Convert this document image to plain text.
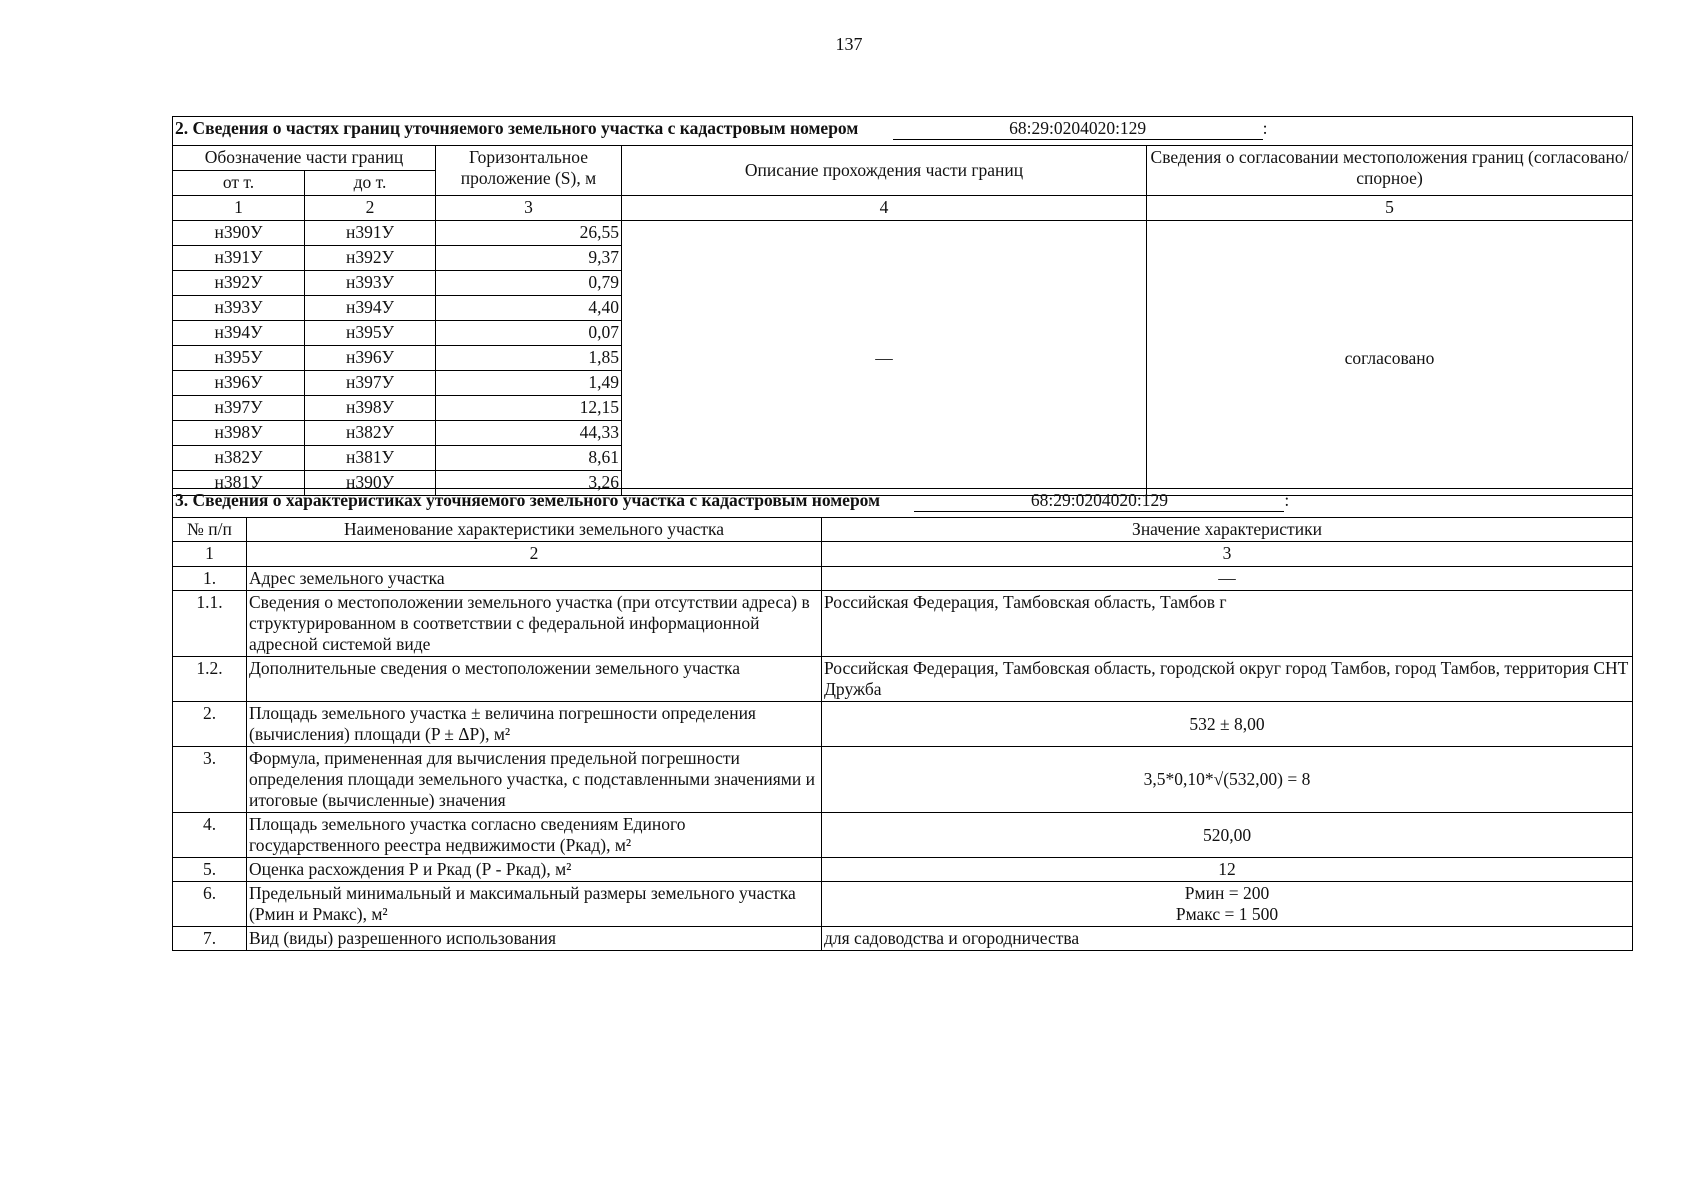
137
2. Сведения о частях границ уточняемого земельного участка с кадастровым номером 68:29:0204020:129 :				
Обозначение части границ		Горизонтальное проложение (S), м	Описание прохождения части границ	Сведения о согласовании местоположения границ (согласовано/спорное)
от т.	до т.			
1	2	3	4	5
н390У	н391У	26,55	—	согласовано
н391У	н392У	9,37		
н392У	н393У	0,79		
н393У	н394У	4,40		
н394У	н395У	0,07		
н395У	н396У	1,85		
н396У	н397У	1,49		
н397У	н398У	12,15		
н398У	н382У	44,33		
н382У	н381У	8,61		
н381У	н390У	3,26		
3. Сведения о характеристиках уточняемого земельного участка с кадастровым номером 68:29:0204020:129 :		
№ п/п	Наименование характеристики земельного участка	Значение характеристики
1	2	3
1.	Адрес земельного участка	—
1.1.	Сведения о местоположении земельного участка (при отсутствии адреса) в структурированном в соответствии с федеральной информационной адресной системой виде	Российская Федерация, Тамбовская область, Тамбов г
1.2.	Дополнительные сведения о местоположении земельного участка	Российская Федерация, Тамбовская область, городской округ город Тамбов, город Тамбов, территория СНТ Дружба
2.	Площадь земельного участка ± величина погрешности определения (вычисления) площади (P ± ΔP), м²	532 ± 8,00
3.	Формула, примененная для вычисления предельной погрешности определения площади земельного участка, с подставленными значениями и итоговые (вычисленные) значения	3,5*0,10*√(532,00) = 8
4.	Площадь земельного участка согласно сведениям Единого государственного реестра недвижимости (Ркад), м²	520,00
5.	Оценка расхождения Р и Ркад (Р - Ркад), м²	12
6.	Предельный минимальный и максимальный размеры земельного участка (Рмин и Рмакс), м²	Рмин = 200
Рмакс = 1 500

7.	Вид (виды) разрешенного использования	для садоводства и огородничества
